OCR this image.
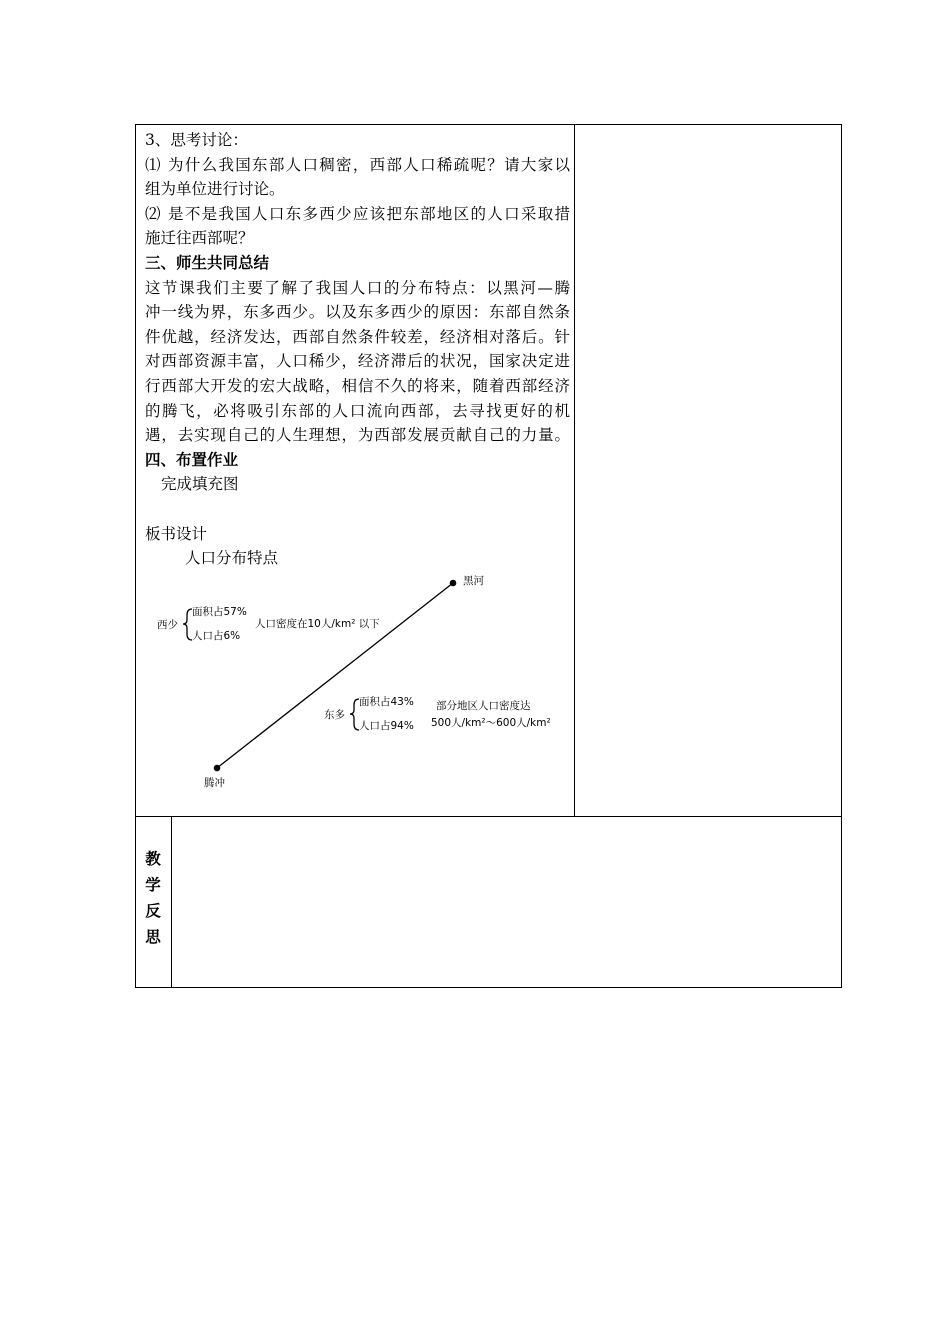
3、思考讨论：

⑴ 为什么我国东部人口稠密，西部人口稀疏呢？请大家以

组为单位进行讨论。

⑵ 是不是我国人口东多西少应该把东部地区的人口采取措

施迁往西部呢？

三、师生共同总结

这节课我们主要了解了我国人口的分布特点：以黑河—腾

冲一线为界，东多西少。以及东多西少的原因：东部自然条

件优越，经济发达，西部自然条件较差，经济相对落后。针

对西部资源丰富，人口稀少，经济滞后的状况，国家决定进

行西部大开发的宏大战略，相信不久的将来，随着西部经济

的腾飞，必将吸引东部的人口流向西部，去寻找更好的机

遇，去实现自己的人生理想，为西部发展贡献自己的力量。

四、布置作业

完成填充图

板书设计

人口分布特点

黑河
腾冲
西少
面积占57%
人口占6%
人口密度在10人/km² 以下
东多
面积占43%
人口占94%
部分地区人口密度达
500人/km²～600人/km²
教
学
反
思
